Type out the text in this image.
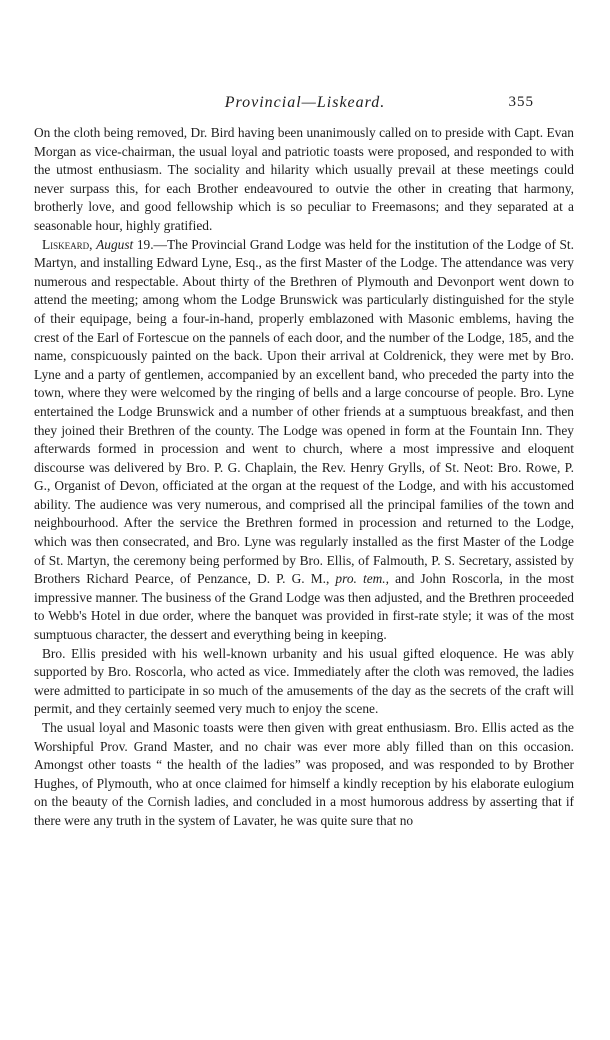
Provincial—Liskeard.	355

On the cloth being removed, Dr. Bird having been unanimously called on to preside with Capt. Evan Morgan as vice-chairman, the usual loyal and patriotic toasts were proposed, and responded to with the utmost enthusiasm. The sociality and hilarity which usually prevail at these meetings could never surpass this, for each Brother endeavoured to outvie the other in creating that harmony, brotherly love, and good fellowship which is so peculiar to Freemasons; and they separated at a seasonable hour, highly gratified.

Liskeard, August 19.—The Provincial Grand Lodge was held for the institution of the Lodge of St. Martyn, and installing Edward Lyne, Esq., as the first Master of the Lodge. The attendance was very numerous and respectable. About thirty of the Brethren of Plymouth and Devonport went down to attend the meeting; among whom the Lodge Brunswick was particularly distinguished for the style of their equipage, being a four-in-hand, properly emblazoned with Masonic emblems, having the crest of the Earl of Fortescue on the pannels of each door, and the number of the Lodge, 185, and the name, conspicuously painted on the back. Upon their arrival at Coldrenick, they were met by Bro. Lyne and a party of gentlemen, accompanied by an excellent band, who preceded the party into the town, where they were welcomed by the ringing of bells and a large concourse of people. Bro. Lyne entertained the Lodge Brunswick and a number of other friends at a sumptuous breakfast, and then they joined their Brethren of the county. The Lodge was opened in form at the Fountain Inn. They afterwards formed in procession and went to church, where a most impressive and eloquent discourse was delivered by Bro. P. G. Chaplain, the Rev. Henry Grylls, of St. Neot: Bro. Rowe, P. G., Organist of Devon, officiated at the organ at the request of the Lodge, and with his accustomed ability. The audience was very numerous, and comprised all the principal families of the town and neighbourhood. After the service the Brethren formed in procession and returned to the Lodge, which was then consecrated, and Bro. Lyne was regularly installed as the first Master of the Lodge of St. Martyn, the ceremony being performed by Bro. Ellis, of Falmouth, P. S. Secretary, assisted by Brothers Richard Pearce, of Penzance, D. P. G. M., pro. tem., and John Roscorla, in the most impressive manner. The business of the Grand Lodge was then adjusted, and the Brethren proceeded to Webb's Hotel in due order, where the banquet was provided in first-rate style; it was of the most sumptuous character, the dessert and everything being in keeping.

Bro. Ellis presided with his well-known urbanity and his usual gifted eloquence. He was ably supported by Bro. Roscorla, who acted as vice. Immediately after the cloth was removed, the ladies were admitted to participate in so much of the amusements of the day as the secrets of the craft will permit, and they certainly seemed very much to enjoy the scene.

The usual loyal and Masonic toasts were then given with great enthusiasm. Bro. Ellis acted as the Worshipful Prov. Grand Master, and no chair was ever more ably filled than on this occasion. Amongst other toasts “ the health of the ladies” was proposed, and was responded to by Brother Hughes, of Plymouth, who at once claimed for himself a kindly reception by his elaborate eulogium on the beauty of the Cornish ladies, and concluded in a most humorous address by asserting that if there were any truth in the system of Lavater, he was quite sure that no
